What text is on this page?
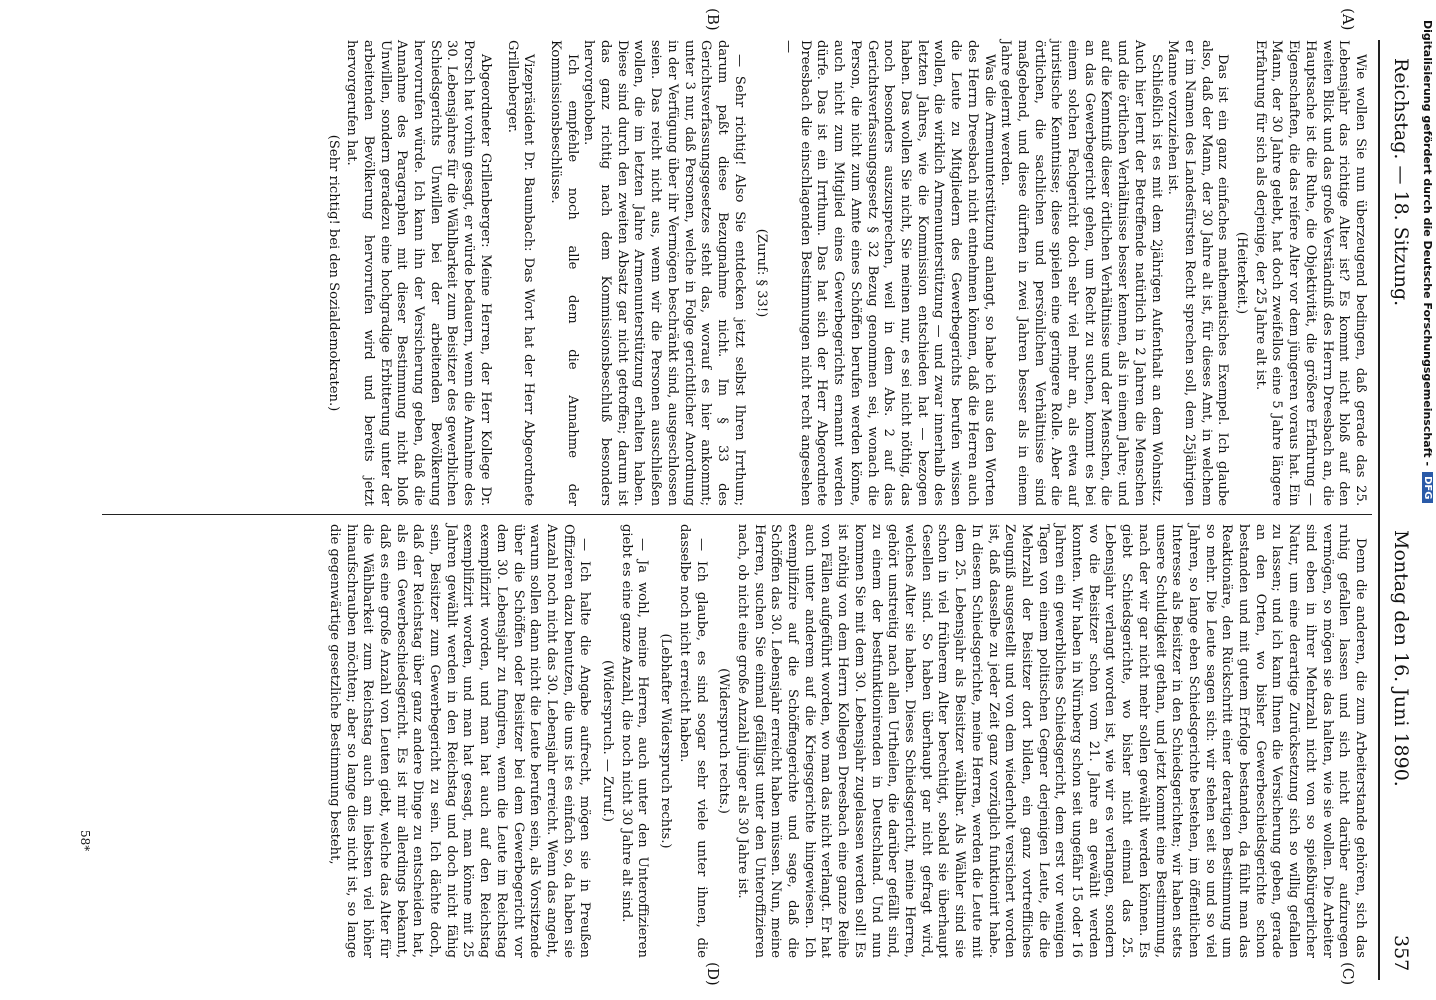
Reichstag. — 18. Sitzung.
Montag den 16. Juni 1890.
357
(A)
(B)
(C)
(D)

Wie wollen Sie nun überzeugend bedingen, daß gerade das 25. Lebensjahr das richtige Alter ist? Es kommt nicht bloß auf den weiten Blick und das große Verständniß des Herrn Dreesbach an, die Hauptsache ist die Ruhe, die Objektivität, die größere Erfahrung — Eigenschaften, die das reifere Alter vor dem jüngeren voraus hat. Ein Mann, der 30 Jahre gelebt, hat doch zweifellos eine 5 Jahre längere Erfahrung für sich als derjenige, der 25 Jahre alt ist.

(Heiterkeit.)

Das ist ein ganz einfaches mathematisches Exempel. Ich glaube also, daß der Mann, der 30 Jahre alt ist, für dieses Amt, in welchem er im Namen des Landesfürsten Recht sprechen soll, dem 25jährigen Manne vorzuziehen ist.

Schließlich ist es mit dem 2jährigen Aufenthalt an dem Wohnsitz. Auch hier lernt der Betreffende natürlich in 2 Jahren die Menschen und die örtlichen Verhältnisse besser kennen, als in einem Jahre; und auf die Kenntniß dieser örtlichen Verhältnisse und der Menschen, die an das Gewerbegericht gehen, um Recht zu suchen, kommt es bei einem solchen Fachgericht doch sehr viel mehr an, als etwa auf juristische Kenntnisse; diese spielen eine geringere Rolle. Aber die örtlichen, die sachlichen und persönlichen Verhältnisse sind maßgebend, und diese dürften in zwei Jahren besser als in einem Jahre gelernt werden.

Was die Armenunterstützung anlangt, so habe ich aus den Worten des Herrn Dreesbach nicht entnehmen können, daß die Herren auch die Leute zu Mitgliedern des Gewerbegerichts berufen wissen wollen, die wirklich Armenunterstützung — und zwar innerhalb des letzten Jahres, wie die Kommission entschieden hat — bezogen haben. Das wollen Sie nicht, Sie meinen nur, es sei nicht nöthig, das noch besonders auszusprechen, weil in dem Abs. 2 auf das Gerichtsverfassungsgesetz § 32 Bezug genommen sei, wonach die Person, die nicht zum Amte eines Schöffen berufen werden könne, auch nicht zum Mitglied eines Gewerbegerichts ernannt werden dürfe. Das ist ein Irrthum. Das hat sich der Herr Abgeordnete Dreesbach die einschlagenden Bestimmungen nicht recht angesehen —

(Zuruf: § 33!)

— Sehr richtig! Also Sie entdecken jetzt selbst Ihren Irrthum; darum paßt diese Bezugnahme nicht. Im § 33 des Gerichtsverfassungsgesetzes steht das, worauf es hier ankommt; unter 3 nur, daß Personen, welche in Folge gerichtlicher Anordnung in der Verfügung über ihr Vermögen beschränkt sind, ausgeschlossen seien. Das reicht nicht aus, wenn wir die Personen ausschließen wollen, die im letzten Jahre Armenunterstützung erhalten haben. Diese sind durch den zweiten Absatz gar nicht getroffen; darum ist das ganz richtig nach dem Kommissionsbeschluß besonders hervorgehoben.

Ich empfehle noch alle dem die Annahme der Kommissionsbeschlüsse.

Vizepräsident Dr. Baumbach: Das Wort hat der Herr Abgeordnete Grillenberger.

Abgeordneter Grillenberger: Meine Herren, der Herr Kollege Dr. Porsch hat vorhin gesagt, er würde bedauern, wenn die Annahme des 30. Lebensjahres für die Wählbarkeit zum Beisitzer des gewerblichen Schiedsgerichts Unwillen bei der arbeitenden Bevölkerung hervorrufen würde. Ich kann ihn der Versicherung geben, daß die Annahme des Paragraphen mit dieser Bestimmung nicht bloß Unwillen, sondern geradezu eine hochgradige Erbitterung unter der arbeitenden Bevölkerung hervorrufen wird und bereits jetzt hervorgerufen hat.

(Sehr richtig! bei den Sozialdemokraten.)

Denn die anderen, die zum Arbeiterstande gehören, sich das ruhig gefallen lassen und sich nicht darüber aufzuregen vermögen, so mögen sie das halten, wie sie wollen. Die Arbeiter sind eben in ihrer Mehrzahl nicht von so spießbürgerlicher Natur, um eine derartige Zurücksetzung sich so willig gefallen zu lassen; und ich kann Ihnen die Versicherung geben, gerade an den Orten, wo bisher Gewerbeschiedsgerichte schon bestanden und mit gutem Erfolge bestanden, da fühlt man das Reaktionäre, den Rückschritt einer derartigen Bestimmung um so mehr. Die Leute sagen sich: wir stehen seit so und so viel Jahren, so lange eben Schiedsgerichte bestehen, im öffentlichen Interesse als Beisitzer in den Schiedsgerichten; wir haben stets unsere Schuldigkeit gethan, und jetzt kommt eine Bestimmung, nach der wir gar nicht mehr sollen gewählt werden können. Es giebt Schiedsgerichte, wo bisher nicht einmal das 25. Lebensjahr verlangt worden ist, wie wir es verlangen, sondern wo die Beisitzer schon vom 21. Jahre an gewählt werden konnten. Wir haben in Nürnberg schon seit ungefähr 15 oder 16 Jahren ein gewerbliches Schiedsgericht, dem erst vor wenigen Tagen von einem politischen Gegner derjenigen Leute, die die Mehrzahl der Beisitzer dort bilden, ein ganz vortreffliches Zeugniß ausgestellt und von dem wiederholt versichert worden ist, daß dasselbe zu jeder Zeit ganz vorzüglich funktionirt habe. In diesem Schiedsgerichte, meine Herren, werden die Leute mit dem 25. Lebensjahr als Beisitzer wählbar. Als Wähler sind sie schon in viel früherem Alter berechtigt, sobald sie überhaupt Gesellen sind. So haben überhaupt gar nicht gefragt wird, welches Alter sie haben. Dieses Schiedsgericht, meine Herren, gehört unstreitig nach allen Urtheilen, die darüber gefällt sind, zu einem der bestfunktionirenden in Deutschland. Und nun kommen Sie mit dem 30. Lebensjahr zugelassen werden soll! Es ist nöthig von dem Herrn Kollegen Dreesbach eine ganze Reihe von Fällen aufgeführt worden, wo man das nicht verlangt. Er hat auch unter anderem auf die Kriegsgerichte hingewiesen. Ich exemplifizire auf die Schöffengerichte und sage, daß die Schöffen das 30. Lebensjahr erreicht haben müssen. Nun, meine Herren, suchen Sie einmal gefälligst unter den Unteroffizieren nach, ob nicht eine große Anzahl jünger als 30 Jahre ist.

(Widerspruch rechts.)

— Ich glaube, es sind sogar sehr viele unter ihnen, die dasselbe noch nicht erreicht haben.

(Lebhafter Widerspruch rechts.)

— Ja wohl, meine Herren, auch unter den Unteroffizieren giebt es eine ganze Anzahl, die noch nicht 30 Jahre alt sind.

(Widerspruch. — Zuruf.)

— Ich halte die Angabe aufrecht, mögen sie in Preußen Offizieren dazu benutzen, die uns ist es einfach so, da haben sie Anzahl noch nicht das 30. Lebensjahr erreicht. Wenn das angeht, warum sollen dann nicht die Leute berufen sein, als Vorsitzende über die Schöffen oder Beisitzer bei dem Gewerbegericht vor dem 30. Lebensjahr zu fungiren, wenn die Leute im Reichstag exemplifizirt worden, und man hat auch auf den Reichstag exemplifizirt worden, und man hat gesagt, man könne mit 25 Jahren gewählt werden in den Reichstag und doch nicht fähig sein, Beisitzer zum Gewerbegericht zu sein. Ich dächte doch, daß der Reichstag über ganz andere Dinge zu entscheiden hat, als ein Gewerbeschiedsgericht. Es ist mir allerdings bekannt, daß es eine große Anzahl von Leuten giebt, welche das Alter für die Wählbarkeit zum Reichstag auch am liebsten viel höher hinaufschrauben möchten; aber so lange dies nicht ist, so lange die gegenwärtige gesetzliche Bestimmung besteht,

58*
Digitalisierung gefördert durch die Deutsche Forschungsgemeinschaft -
DFG
